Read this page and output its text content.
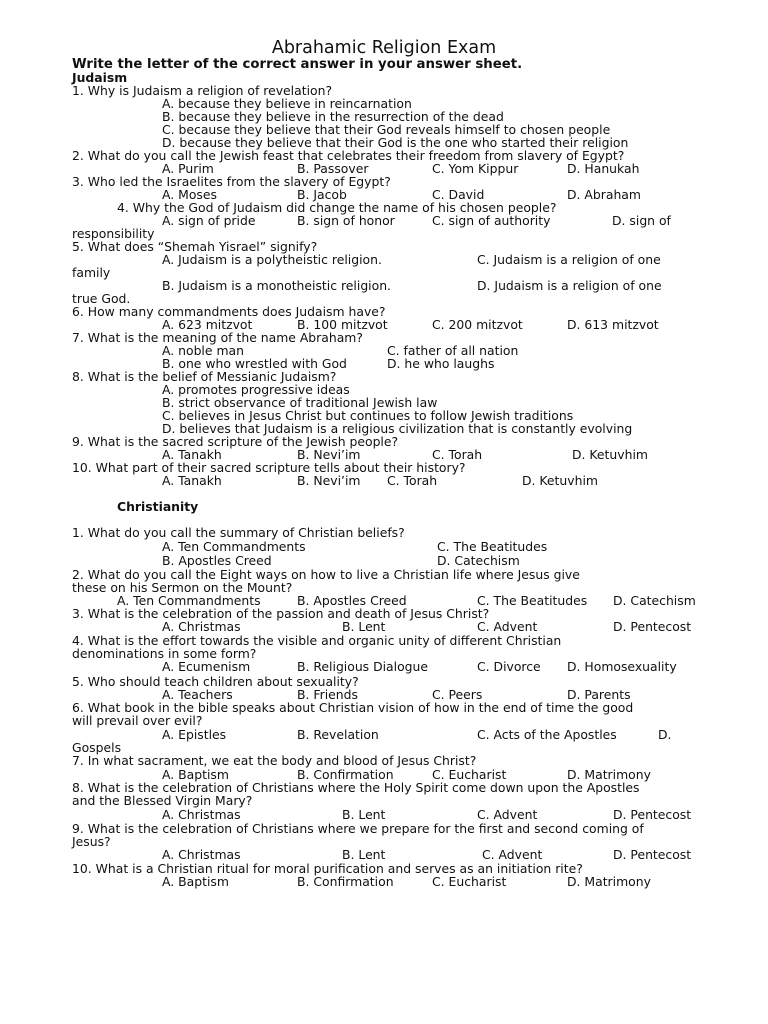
Abrahamic Religion Exam
Write the letter of the correct answer in your answer sheet.
Judaism
1. Why is Judaism a religion of revelation?
A. because they believe in reincarnation
B. because they believe in the resurrection of the dead
C. because they believe that their God reveals himself to chosen people
D. because they believe that their God is the one who started their religion
2. What do you call the Jewish feast that celebrates their freedom from slavery of Egypt?
A. Purim	B. Passover	C. Yom Kippur	D. Hanukah
3. Who led the Israelites from the slavery of Egypt?
A. Moses	B. Jacob	C. David	D. Abraham
4. Why the God of Judaism did change the name of his chosen people?
A. sign of pride	B. sign of honor	C. sign of authority	D. sign of
responsibility
5. What does “Shemah Yisrael” signify?
A. Judaism is a polytheistic religion.	C. Judaism is a religion of one
family
B. Judaism is a monotheistic religion.	D. Judaism is a religion of one
true God.
6. How many commandments does Judaism have?
A. 623 mitzvot	B. 100 mitzvot	C. 200 mitzvot	D. 613 mitzvot
7. What is the meaning of the name Abraham?
A. noble man	C. father of all nation
B. one who wrestled with God	D. he who laughs
8. What is the belief of Messianic Judaism?
A. promotes progressive ideas
B. strict observance of traditional Jewish law
C. believes in Jesus Christ but continues to follow Jewish traditions
D. believes that Judaism is a religious civilization that is constantly evolving
9. What is the sacred scripture of the Jewish people?
A. Tanakh	B. Nevi’im	C. Torah	D. Ketuvhim
10. What part of their sacred scripture tells about their history?
A. Tanakh	B. Nevi’im C. Torah	D. Ketuvhim
Christianity
1. What do you call the summary of Christian beliefs?
A. Ten Commandments	C. The Beatitudes
B. Apostles Creed	D. Catechism
2. What do you call the Eight ways on how to live a Christian life where Jesus give
these on his Sermon on the Mount?
A. Ten Commandments	B. Apostles Creed	C. The Beatitudes D. Catechism
3. What is the celebration of the passion and death of Jesus Christ?
A. Christmas	B. Lent	C. Advent	D. Pentecost
4. What is the effort towards the visible and organic unity of different Christian
denominations in some form?
A. Ecumenism	B. Religious Dialogue	C. Divorce D. Homosexuality
5. Who should teach children about sexuality?
A. Teachers	B. Friends	C. Peers	D. Parents
6. What book in the bible speaks about Christian vision of how in the end of time the good
will prevail over evil?
A. Epistles	B. Revelation	C. Acts of the Apostles	D.
Gospels
7. In what sacrament, we eat the body and blood of Jesus Christ?
A. Baptism	B. Confirmation	C. Eucharist	D. Matrimony
8. What is the celebration of Christians where the Holy Spirit come down upon the Apostles
and the Blessed Virgin Mary?
A. Christmas	B. Lent	C. Advent	D. Pentecost
9. What is the celebration of Christians where we prepare for the first and second coming of
Jesus?
A. Christmas	B. Lent	C. Advent	D. Pentecost
10. What is a Christian ritual for moral purification and serves as an initiation rite?
A. Baptism	B. Confirmation	C. Eucharist	D. Matrimony
